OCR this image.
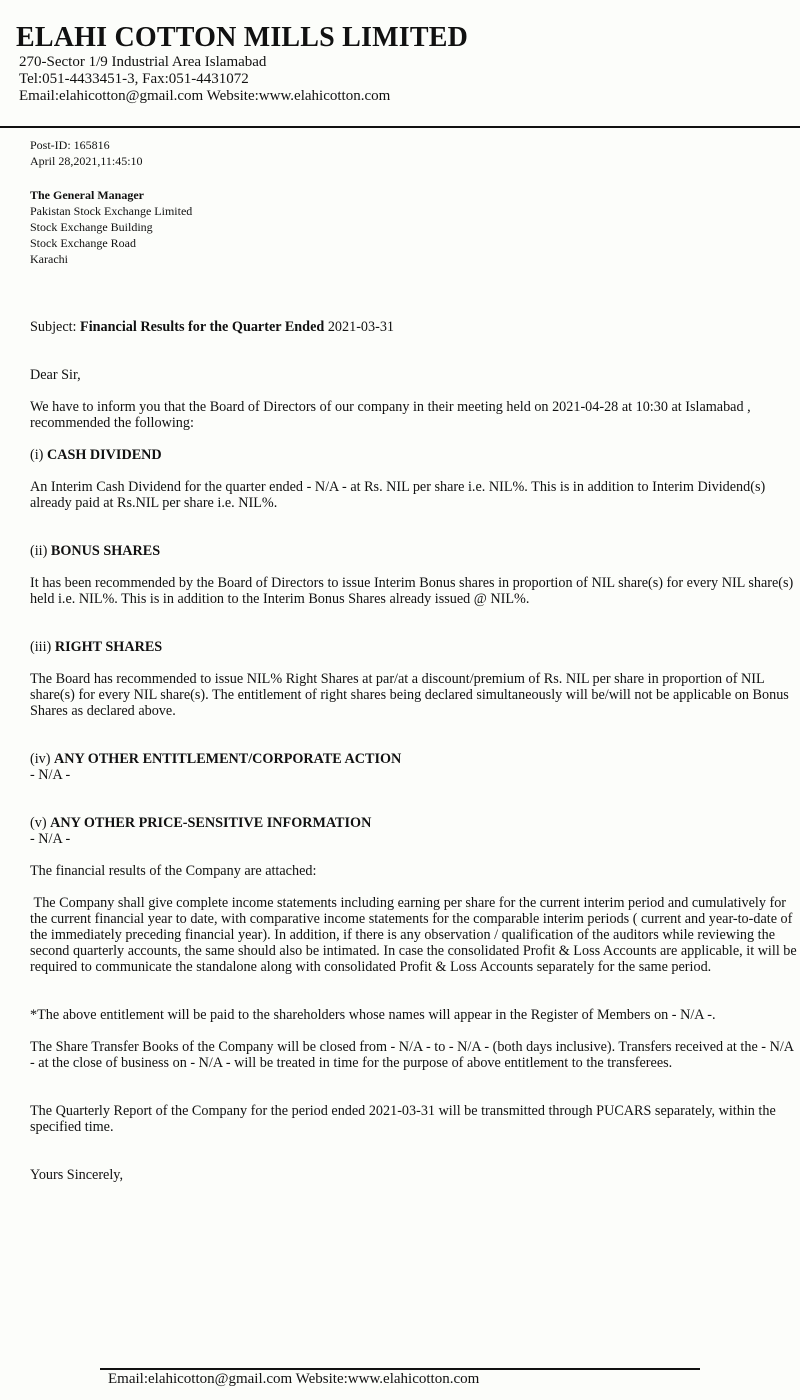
ELAHI COTTON MILLS LIMITED
270-Sector 1/9 Industrial Area Islamabad
Tel:051-4433451-3, Fax:051-4431072
Email:elahicotton@gmail.com Website:www.elahicotton.com
Post-ID: 165816
April 28,2021,11:45:10
The General Manager
Pakistan Stock Exchange Limited
Stock Exchange Building
Stock Exchange Road
Karachi
Subject: Financial Results for the Quarter Ended 2021-03-31
Dear Sir,
We have to inform you that the Board of Directors of our company in their meeting held on 2021-04-28 at 10:30 at Islamabad , recommended the following:
(i) CASH DIVIDEND
An Interim Cash Dividend for the quarter ended - N/A - at Rs. NIL per share i.e. NIL%. This is in addition to Interim Dividend(s) already paid at Rs.NIL per share i.e. NIL%.
(ii) BONUS SHARES
It has been recommended by the Board of Directors to issue Interim Bonus shares in proportion of NIL share(s) for every NIL share(s) held i.e. NIL%. This is in addition to the Interim Bonus Shares already issued @ NIL%.
(iii) RIGHT SHARES
The Board has recommended to issue NIL% Right Shares at par/at a discount/premium of Rs. NIL per share in proportion of NIL share(s) for every NIL share(s). The entitlement of right shares being declared simultaneously will be/will not be applicable on Bonus Shares as declared above.
(iv) ANY OTHER ENTITLEMENT/CORPORATE ACTION
- N/A -
(v) ANY OTHER PRICE-SENSITIVE INFORMATION
- N/A -
The financial results of the Company are attached:
The Company shall give complete income statements including earning per share for the current interim period and cumulatively for the current financial year to date, with comparative income statements for the comparable interim periods ( current and year-to-date of the immediately preceding financial year). In addition, if there is any observation / qualification of the auditors while reviewing the second quarterly accounts, the same should also be intimated. In case the consolidated Profit & Loss Accounts are applicable, it will be required to communicate the standalone along with consolidated Profit & Loss Accounts separately for the same period.
*The above entitlement will be paid to the shareholders whose names will appear in the Register of Members on - N/A -.
The Share Transfer Books of the Company will be closed from - N/A - to - N/A - (both days inclusive). Transfers received at the - N/A - at the close of business on - N/A - will be treated in time for the purpose of above entitlement to the transferees.
The Quarterly Report of the Company for the period ended 2021-03-31 will be transmitted through PUCARS separately, within the specified time.
Yours Sincerely,
Email:elahicotton@gmail.com Website:www.elahicotton.com
